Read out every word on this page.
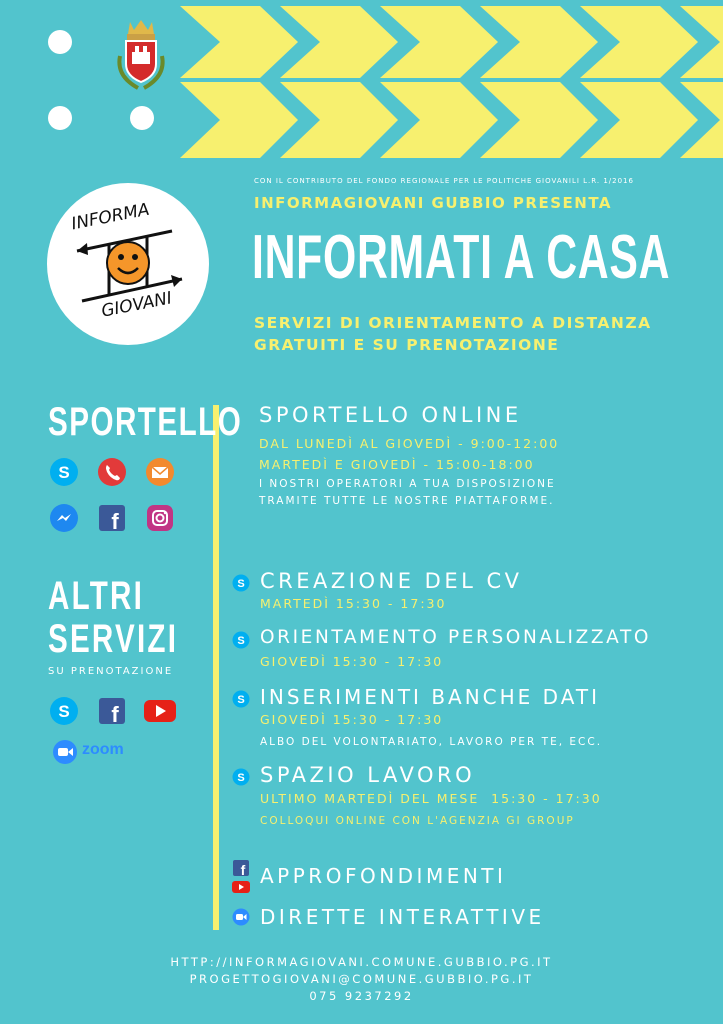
INFORMA
GIOVANI
CON IL CONTRIBUTO DEL FONDO REGIONALE PER LE POLITICHE GIOVANILI L.R. 1/2016
INFORMAGIOVANI GUBBIO PRESENTA
INFORMATI A CASA
SERVIZI DI ORIENTAMENTO A DISTANZA
GRATUITI E SU PRENOTAZIONE
SPORTELLO
S
f
ALTRI
SERVIZI
SU PRENOTAZIONE
S f
zoom
SPORTELLO ONLINE
DAL LUNEDÌ AL GIOVEDÌ - 9:00-12:00
MARTEDÌ E GIOVEDÌ - 15:00-18:00
I NOSTRI OPERATORI A TUA DISPOSIZIONE
TRAMITE TUTTE LE NOSTRE PIATTAFORME.
S CREAZIONE DEL CV
MARTEDÌ 15:30 - 17:30
S ORIENTAMENTO PERSONALIZZATO
GIOVEDÌ 15:30 - 17:30
S INSERIMENTI BANCHE DATI
GIOVEDÌ 15:30 - 17:30
ALBO DEL VOLONTARIATO, LAVORO PER TE, ECC.
S SPAZIO LAVORO
ULTIMO MARTEDÌ DEL MESE  15:30 - 17:30
COLLOQUI ONLINE CON L'AGENZIA GI GROUP
f APPROFONDIMENTI
DIRETTE INTERATTIVE
HTTP://INFORMAGIOVANI.COMUNE.GUBBIO.PG.IT
PROGETTOGIOVANI@COMUNE.GUBBIO.PG.IT
075 9237292
